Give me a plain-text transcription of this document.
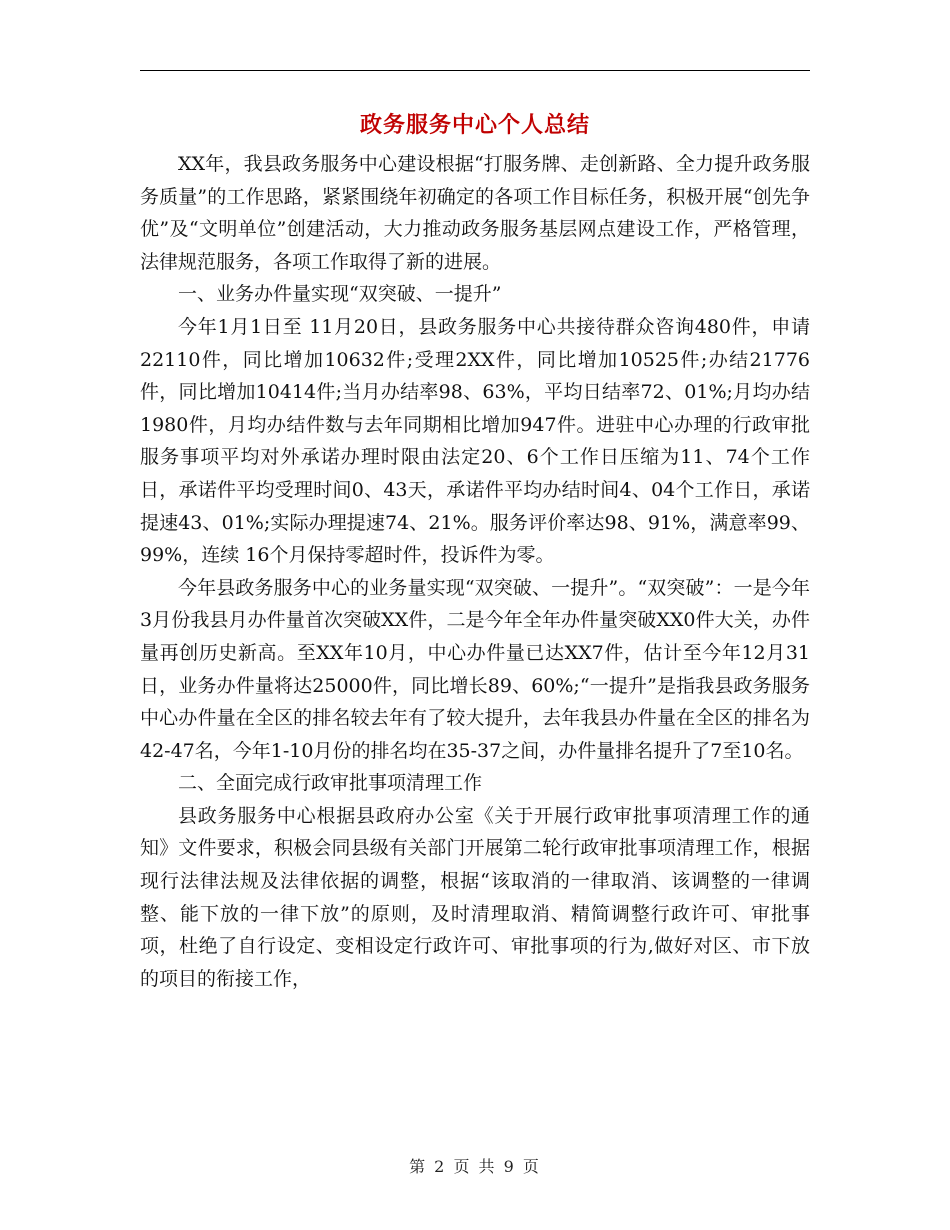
政务服务中心个人总结

XX年，我县政务服务中心建设根据“打服务牌、走创新路、全力提升政务服务质量”的工作思路，紧紧围绕年初确定的各项工作目标任务，积极开展“创先争优”及“文明单位”创建活动，大力推动政务服务基层网点建设工作，严格管理，法律规范服务，各项工作取得了新的进展。

一、业务办件量实现“双突破、一提升”

今年1月1日至 11月20日，县政务服务中心共接待群众咨询480件，申请22110件，同比增加10632件;受理2XX件，同比增加10525件;办结21776件，同比增加10414件;当月办结率98、63%，平均日结率72、01%;月均办结1980件，月均办结件数与去年同期相比增加947件。进驻中心办理的行政审批服务事项平均对外承诺办理时限由法定20、6个工作日压缩为11、74个工作日，承诺件平均受理时间0、43天，承诺件平均办结时间4、04个工作日，承诺提速43、01%;实际办理提速74、21%。服务评价率达98、91%，满意率99、99%，连续 16个月保持零超时件，投诉件为零。

今年县政务服务中心的业务量实现“双突破、一提升”。“双突破”：一是今年3月份我县月办件量首次突破XX件，二是今年全年办件量突破XX0件大关，办件量再创历史新高。至XX年10月，中心办件量已达XX7件，估计至今年12月31日，业务办件量将达25000件，同比增长89、60%;“一提升”是指我县政务服务中心办件量在全区的排名较去年有了较大提升，去年我县办件量在全区的排名为42-47名，今年1-10月份的排名均在35-37之间，办件量排名提升了7至10名。

二、全面完成行政审批事项清理工作

县政务服务中心根据县政府办公室《关于开展行政审批事项清理工作的通知》文件要求，积极会同县级有关部门开展第二轮行政审批事项清理工作，根据现行法律法规及法律依据的调整，根据“该取消的一律取消、该调整的一律调整、能下放的一律下放”的原则，及时清理取消、精简调整行政许可、审批事项，杜绝了自行设定、变相设定行政许可、审批事项的行为,做好对区、市下放的项目的衔接工作，

第 2 页 共 9 页
